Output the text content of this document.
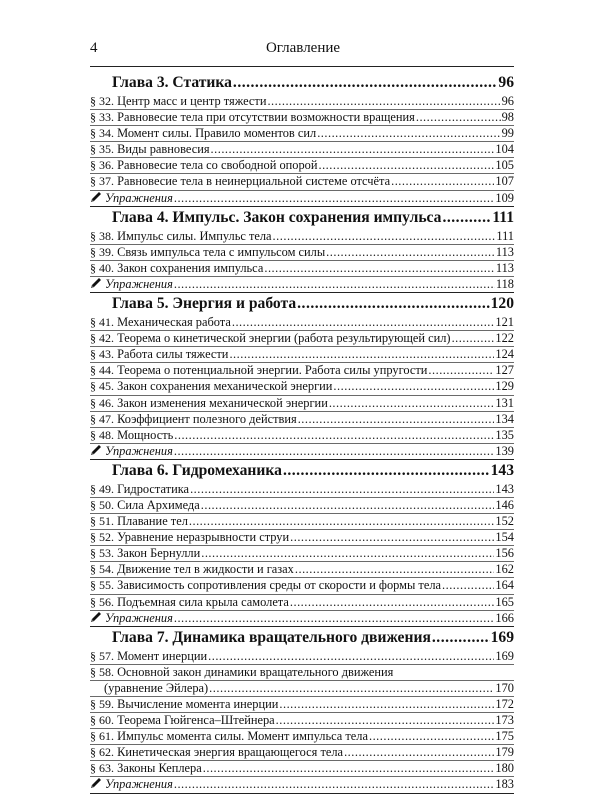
4	Оглавление
Глава 3. Статика .....	96
§ 32. Центр масс и центр тяжести .....	96
§ 33. Равновесие тела при отсутствии возможности вращения .....	98
§ 34. Момент силы. Правило моментов сил .....	99
§ 35. Виды равновесия .....	104
§ 36. Равновесие тела со свободной опорой .....	105
§ 37. Равновесие тела в неинерциальной системе отсчёта .....	107
Упражнения .....	109
Глава 4. Импульс. Закон сохранения импульса .....	111
§ 38. Импульс силы. Импульс тела .....	111
§ 39. Связь импульса тела с импульсом силы .....	113
§ 40. Закон сохранения импульса .....	113
Упражнения .....	118
Глава 5. Энергия и работа .....	120
§ 41. Механическая работа .....	121
§ 42. Теорема о кинетической энергии (работа результирующей сил) .....	122
§ 43. Работа силы тяжести .....	124
§ 44. Теорема о потенциальной энергии. Работа силы упругости .....	127
§ 45. Закон сохранения механической энергии .....	129
§ 46. Закон изменения механической энергии .....	131
§ 47. Коэффициент полезного действия .....	134
§ 48. Мощность .....	135
Упражнения .....	139
Глава 6. Гидромеханика .....	143
§ 49. Гидростатика .....	143
§ 50. Сила Архимеда .....	146
§ 51. Плавание тел .....	152
§ 52. Уравнение неразрывности струи .....	154
§ 53. Закон Бернулли .....	156
§ 54. Движение тел в жидкости и газах .....	162
§ 55. Зависимость сопротивления среды от скорости и формы тела .....	164
§ 56. Подъемная сила крыла самолета .....	165
Упражнения .....	166
Глава 7. Динамика вращательного движения .....	169
§ 57. Момент инерции .....	169
§ 58. Основной закон динамики вращательного движения
(уравнение Эйлера) .....	170
§ 59. Вычисление момента инерции .....	172
§ 60. Теорема Гюйгенса–Штейнера .....	173
§ 61. Импульс момента силы. Момент импульса тела .....	175
§ 62. Кинетическая энергия вращающегося тела .....	179
§ 63. Законы Кеплера .....	180
Упражнения .....	183
